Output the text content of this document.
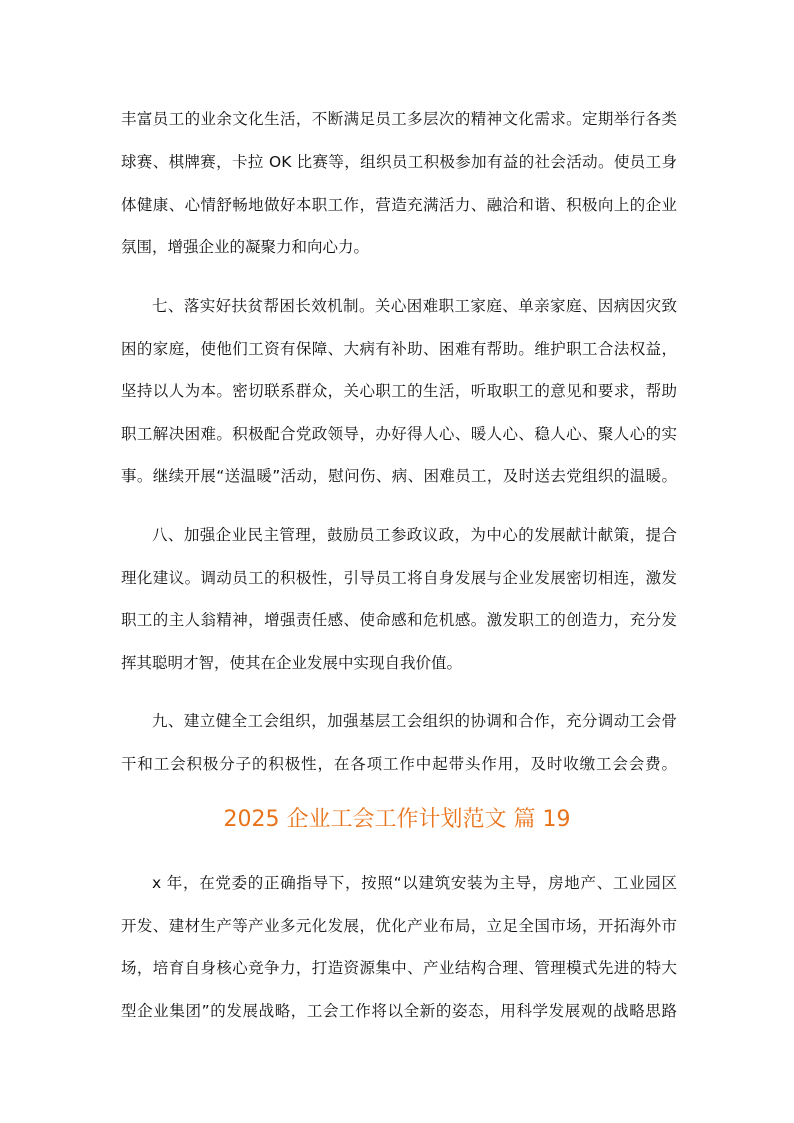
丰富员工的业余文化生活，不断满足员工多层次的精神文化需求。定期举行各类
球赛、棋牌赛，卡拉 OK 比赛等，组织员工积极参加有益的社会活动。使员工身
体健康、心情舒畅地做好本职工作，营造充满活力、融洽和谐、积极向上的企业
氛围，增强企业的凝聚力和向心力。
七、落实好扶贫帮困长效机制。关心困难职工家庭、单亲家庭、因病因灾致
困的家庭，使他们工资有保障、大病有补助、困难有帮助。维护职工合法权益，
坚持以人为本。密切联系群众，关心职工的生活，听取职工的意见和要求，帮助
职工解决困难。积极配合党政领导，办好得人心、暖人心、稳人心、聚人心的实
事。继续开展“送温暖”活动，慰问伤、病、困难员工，及时送去党组织的温暖。
八、加强企业民主管理，鼓励员工参政议政，为中心的发展献计献策，提合
理化建议。调动员工的积极性，引导员工将自身发展与企业发展密切相连，激发
职工的主人翁精神，增强责任感、使命感和危机感。激发职工的创造力，充分发
挥其聪明才智，使其在企业发展中实现自我价值。
九、建立健全工会组织，加强基层工会组织的协调和合作，充分调动工会骨
干和工会积极分子的积极性，在各项工作中起带头作用，及时收缴工会会费。
2025 企业工会工作计划范文 篇 19
x 年，在党委的正确指导下，按照“以建筑安装为主导，房地产、工业园区
开发、建材生产等产业多元化发展，优化产业布局，立足全国市场，开拓海外市
场，培育自身核心竞争力，打造资源集中、产业结构合理、管理模式先进的特大
型企业集团”的发展战略，工会工作将以全新的姿态，用科学发展观的战略思路
